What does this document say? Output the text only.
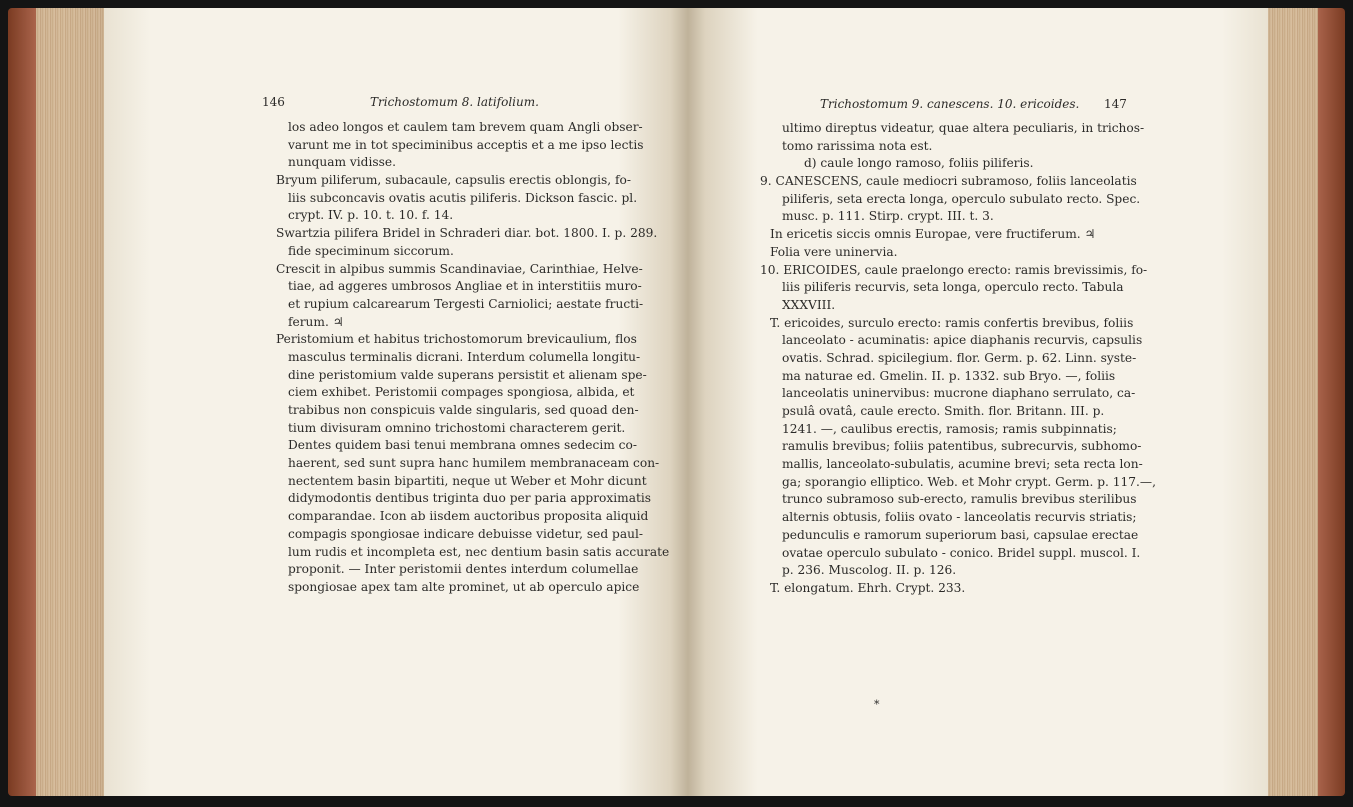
146	Trichostomum 8. latifolium.
los adeo longos et caulem tam brevem quam Angli obser-
varunt me in tot speciminibus acceptis et a me ipso lectis
nunquam vidisse.
Bryum piliferum, subacaule, capsulis erectis oblongis, fo-
liis subconcavis ovatis acutis piliferis. Dickson fascic. pl.
crypt. IV. p. 10. t. 10. f. 14.
Swartzia pilifera Bridel in Schraderi diar. bot. 1800. I. p. 289.
fide speciminum siccorum.
Crescit in alpibus summis Scandinaviae, Carinthiae, Helve-
tiae, ad aggeres umbrosos Angliae et in interstitiis muro-
et rupium calcarearum Tergesti Carniolici; aestate fructi-
ferum. ♃
Peristomium et habitus trichostomorum brevicaulium, flos
masculus terminalis dicrani. Interdum columella longitu-
dine peristomium valde superans persistit et alienam spe-
ciem exhibet. Peristomii compages spongiosa, albida, et
trabibus non conspicuis valde singularis, sed quoad den-
tium divisuram omnino trichostomi characterem gerit.
Dentes quidem basi tenui membrana omnes sedecim co-
haerent, sed sunt supra hanc humilem membranaceam con-
nectentem basin bipartiti, neque ut Weber et Mohr dicunt
didymodontis dentibus triginta duo per paria approximatis
comparandae. Icon ab iisdem auctoribus proposita aliquid
compagis spongiosae indicare debuisse videtur, sed paul-
lum rudis et incompleta est, nec dentium basin satis accurate
proponit. — Inter peristomii dentes interdum columellae
spongiosae apex tam alte prominet, ut ab operculo apice
Trichostomum 9. canescens. 10. ericoides. 147
ultimo direptus videatur, quae altera peculiaris, in trichos-
tomo rarissima nota est.
d) caule longo ramoso, foliis piliferis.
9. CANESCENS, caule mediocri subramoso, foliis lanceolatis
piliferis, seta erecta longa, operculo subulato recto. Spec.
musc. p. 111. Stirp. crypt. III. t. 3.
In ericetis siccis omnis Europae, vere fructiferum. ♃
Folia vere uninervia.
10. ERICOIDES, caule praelongo erecto: ramis brevissimis, fo-
liis piliferis recurvis, seta longa, operculo recto. Tabula
XXXVIII.
T. ericoides, surculo erecto: ramis confertis brevibus, foliis
lanceolato - acuminatis: apice diaphanis recurvis, capsulis
ovatis. Schrad. spicilegium. flor. Germ. p. 62. Linn. syste-
ma naturae ed. Gmelin. II. p. 1332. sub Bryo. —, foliis
lanceolatis uninervibus: mucrone diaphano serrulato, ca-
psulâ ovatâ, caule erecto. Smith. flor. Britann. III. p.
1241. —, caulibus erectis, ramosis; ramis subpinnatis;
ramulis brevibus; foliis patentibus, subrecurvis, subhomo-
mallis, lanceolato-subulatis, acumine brevi; seta recta lon-
ga; sporangio elliptico. Web. et Mohr crypt. Germ. p. 117.—,
trunco subramoso sub-erecto, ramulis brevibus sterilibus
alternis obtusis, foliis ovato - lanceolatis recurvis striatis;
pedunculis e ramorum superiorum basi, capsulae erectae
ovatae operculo subulato - conico. Bridel suppl. muscol. I.
p. 236. Muscolog. II. p. 126.
T. elongatum. Ehrh. Crypt. 233.
*
